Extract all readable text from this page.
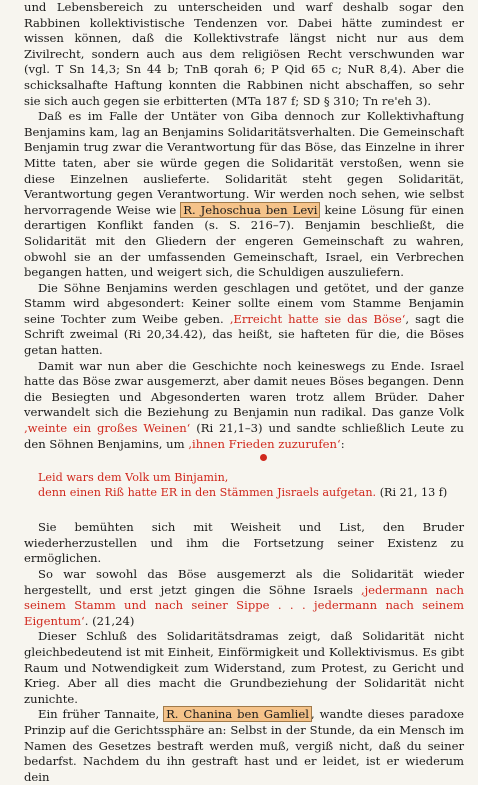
und Lebensbereich zu unterscheiden und warf deshalb sogar den Rabbinen kollektivistische Tendenzen vor. Dabei hätte zumindest er wissen können, daß die Kollektivstrafe längst nicht nur aus dem Zivilrecht, sondern auch aus dem religiösen Recht verschwunden war (vgl. T Sn 14,3; Sn 44 b; TnB qorah 6; P Qid 65 c; NuR 8,4). Aber die schicksalhafte Haftung konnten die Rabbinen nicht abschaffen, so sehr sie sich auch gegen sie erbitterten (MTa 187 f; SD § 310; Tn re'eh 3).

Daß es im Falle der Untäter von Giba dennoch zur Kollektivhaftung Benjamins kam, lag an Benjamins Solidaritätsverhalten. Die Gemeinschaft Benjamin trug zwar die Verantwortung für das Böse, das Einzelne in ihrer Mitte taten, aber sie würde gegen die Solidarität verstoßen, wenn sie diese Einzelnen auslieferte. Solidarität steht gegen Solidarität, Verantwortung gegen Verantwortung. Wir werden noch sehen, wie selbst hervorragende Weise wie R. Jehoschua ben Levi keine Lösung für einen derartigen Konflikt fanden (s. S. 216–7). Benjamin beschließt, die Solidarität mit den Gliedern der engeren Gemeinschaft zu wahren, obwohl sie an der umfassenden Gemeinschaft, Israel, ein Verbrechen begangen hatten, und weigert sich, die Schuldigen auszuliefern.

Die Söhne Benjamins werden geschlagen und getötet, und der ganze Stamm wird abgesondert: Keiner sollte einem vom Stamme Benjamin seine Tochter zum Weibe geben. ‚Erreicht hatte sie das Böse‘, sagt die Schrift zweimal (Ri 20,34.42), das heißt, sie hafteten für die, die Böses getan hatten.

Damit war nun aber die Geschichte noch keineswegs zu Ende. Israel hatte das Böse zwar ausgemerzt, aber damit neues Böses begangen. Denn die Besiegten und Abgesonderten waren trotz allem Brüder. Daher verwandelt sich die Beziehung zu Benjamin nun radikal. Das ganze Volk ‚weinte ein großes Weinen‘ (Ri 21,1–3) und sandte schließlich Leute zu den Söhnen Benjamins, um ‚ihnen Frieden zuzurufen‘:

Leid wars dem Volk um Binjamin,
denn einen Riß hatte ER in den Stämmen Jisraels aufgetan. (Ri 21, 13 f)

Sie bemühten sich mit Weisheit und List, den Bruder wiederherzustellen und ihm die Fortsetzung seiner Existenz zu ermöglichen.

So war sowohl das Böse ausgemerzt als die Solidarität wieder hergestellt, und erst jetzt gingen die Söhne Israels ‚jedermann nach seinem Stamm und nach seiner Sippe . . . jedermann nach seinem Eigentum‘. (21,24)

Dieser Schluß des Solidaritätsdramas zeigt, daß Solidarität nicht gleichbedeutend ist mit Einheit, Einförmigkeit und Kollektivismus. Es gibt Raum und Notwendigkeit zum Widerstand, zum Protest, zu Gericht und Krieg. Aber all dies macht die Grundbeziehung der Solidarität nicht zunichte.

Ein früher Tannaite, R. Chanina ben Gamliel , wandte dieses paradoxe Prinzip auf die Gerichtssphäre an: Selbst in der Stunde, da ein Mensch im Namen des Gesetzes bestraft werden muß, vergiß nicht, daß du seiner bedarfst. Nachdem du ihn gestraft hast und er leidet, ist er wiederum dein
